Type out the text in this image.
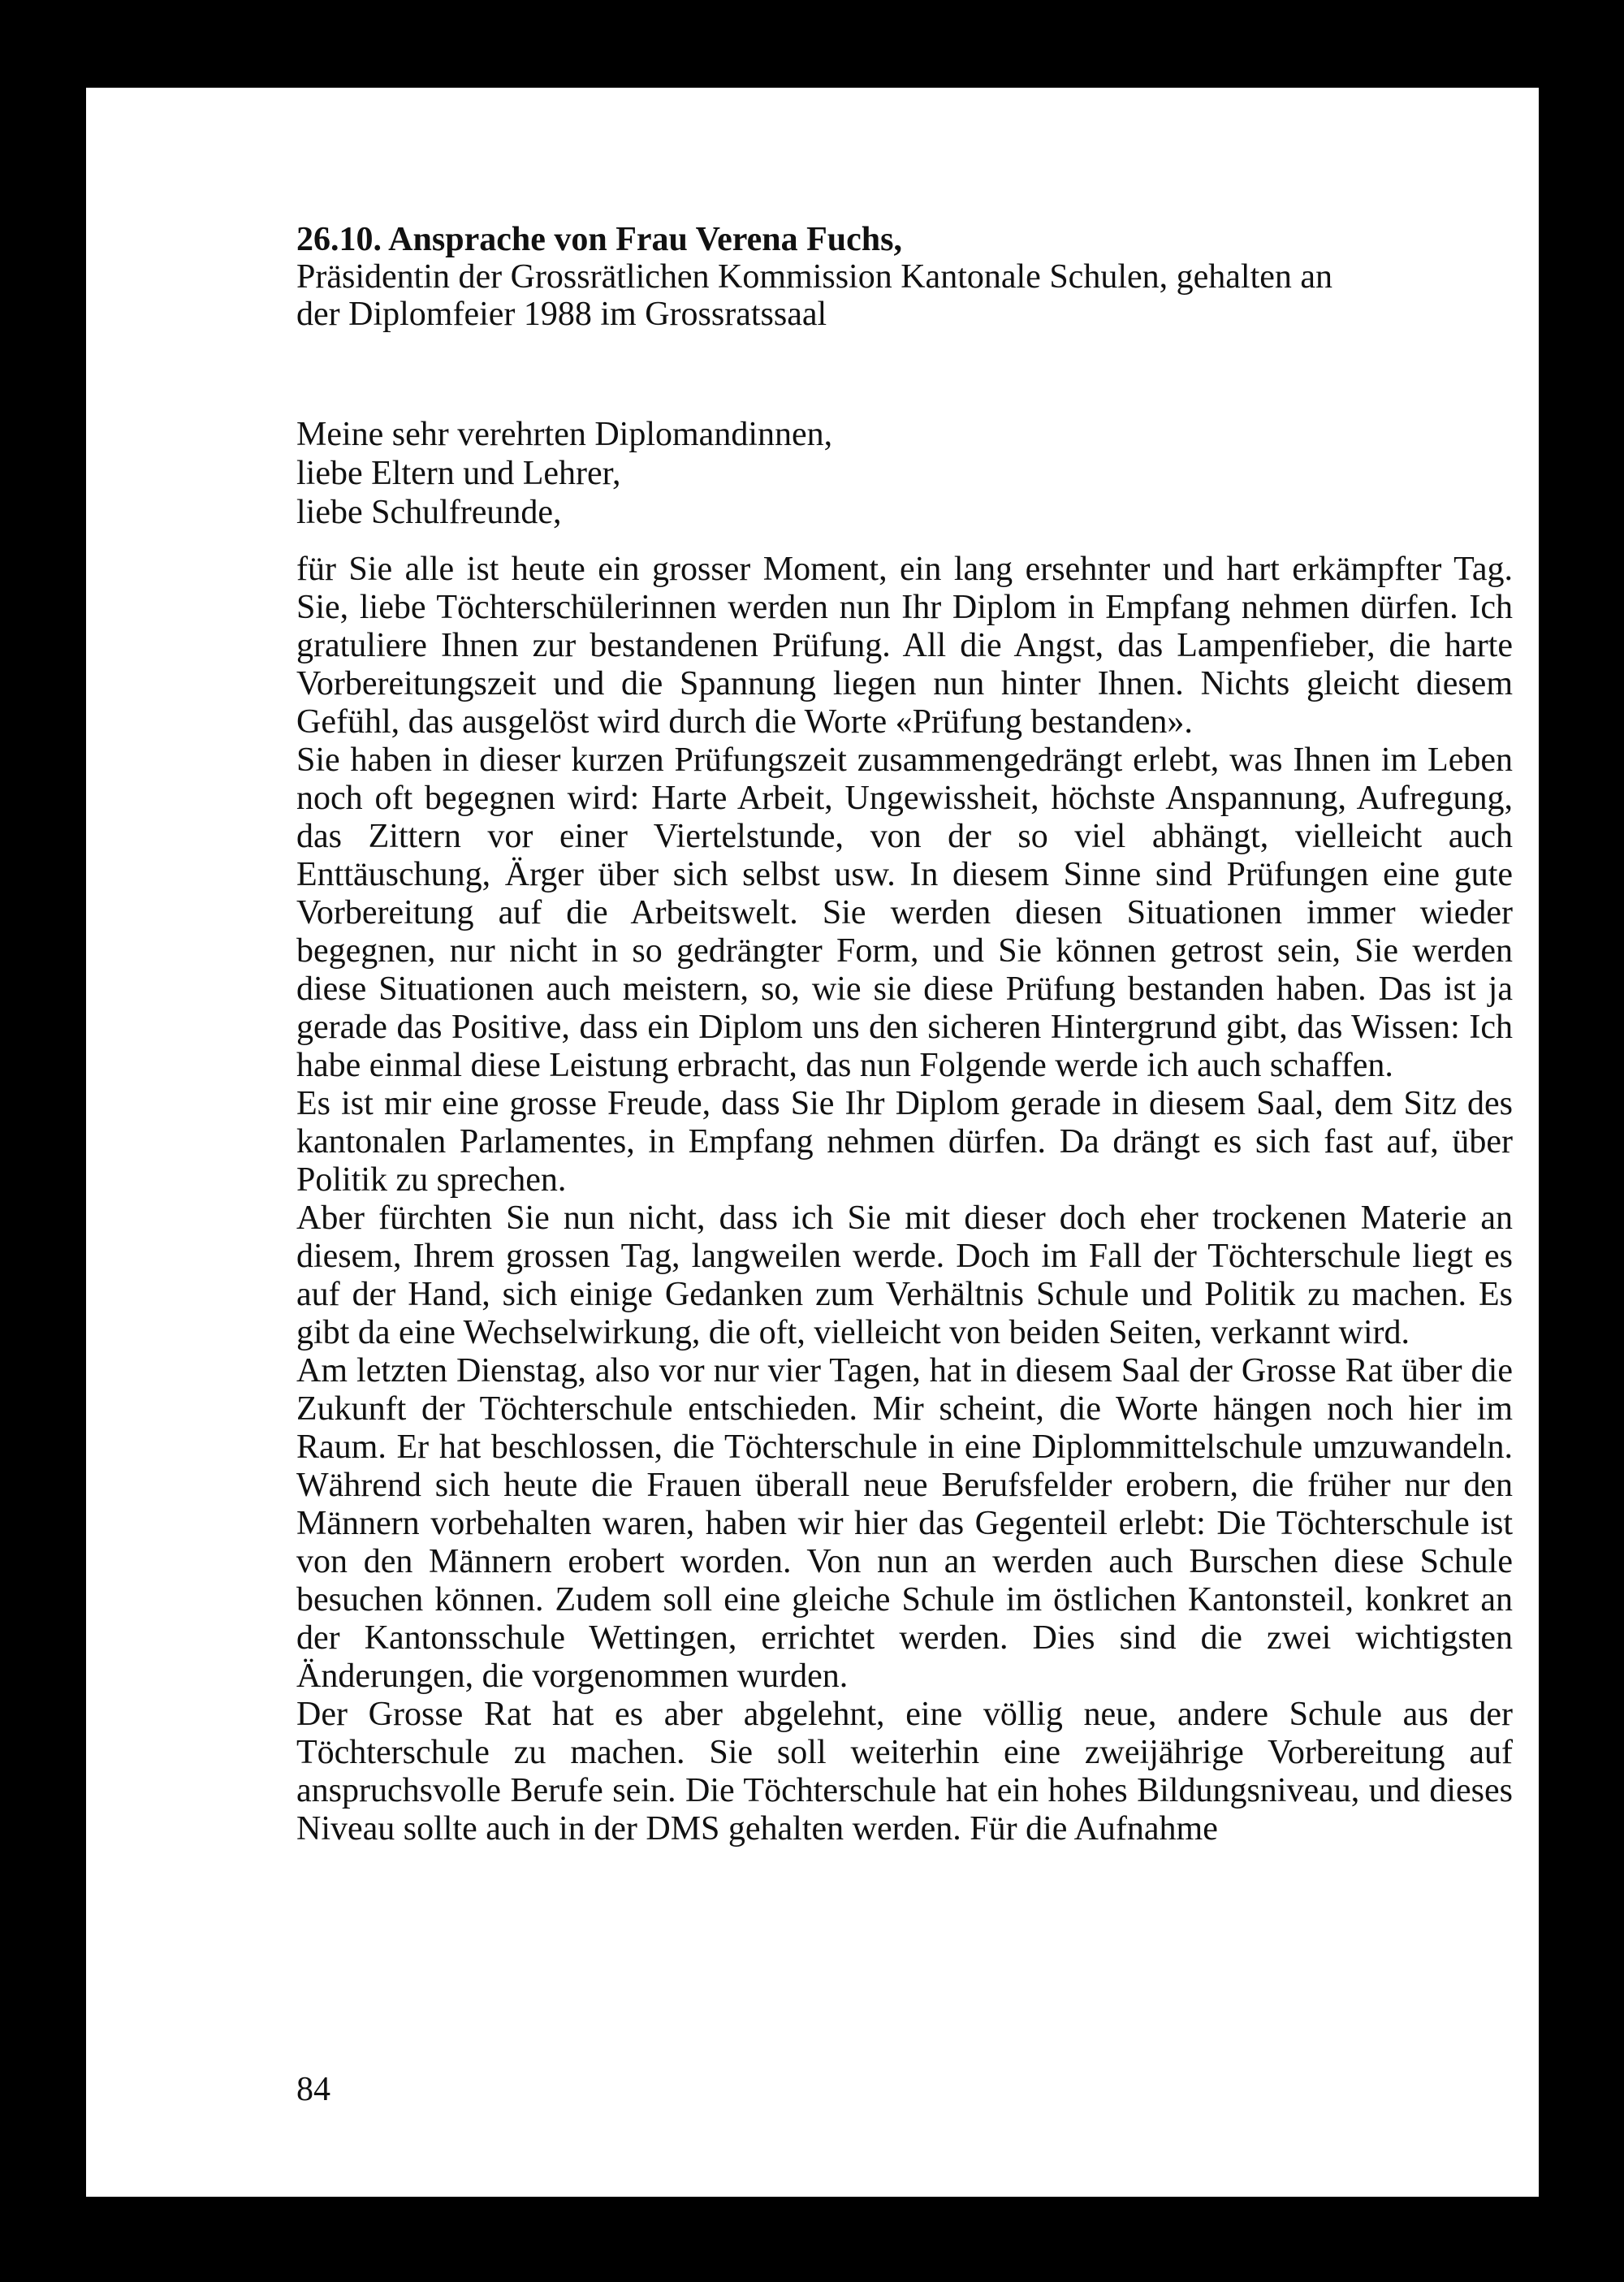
26.10. Ansprache von Frau Verena Fuchs,
Präsidentin der Grossrätlichen Kommission Kantonale Schulen, gehalten an
der Diplomfeier 1988 im Grossratssaal
Meine sehr verehrten Diplomandinnen,
liebe Eltern und Lehrer,
liebe Schulfreunde,

für Sie alle ist heute ein grosser Moment, ein lang ersehnter und hart erkämpfter Tag. Sie, liebe Töchterschülerinnen werden nun Ihr Diplom in Empfang nehmen dürfen. Ich gratuliere Ihnen zur bestandenen Prüfung. All die Angst, das Lampenfieber, die harte Vorbereitungszeit und die Spannung liegen nun hinter Ihnen. Nichts gleicht diesem Gefühl, das ausgelöst wird durch die Worte «Prüfung bestanden».

Sie haben in dieser kurzen Prüfungszeit zusammengedrängt erlebt, was Ihnen im Leben noch oft begegnen wird: Harte Arbeit, Ungewissheit, höchste Anspannung, Aufregung, das Zittern vor einer Viertelstunde, von der so viel abhängt, vielleicht auch Enttäuschung, Ärger über sich selbst usw. In diesem Sinne sind Prüfungen eine gute Vorbereitung auf die Arbeitswelt. Sie werden diesen Situationen immer wieder begegnen, nur nicht in so gedrängter Form, und Sie können getrost sein, Sie werden diese Situationen auch meistern, so, wie sie diese Prüfung bestanden haben. Das ist ja gerade das Positive, dass ein Diplom uns den sicheren Hintergrund gibt, das Wissen: Ich habe einmal diese Leistung erbracht, das nun Folgende werde ich auch schaffen.

Es ist mir eine grosse Freude, dass Sie Ihr Diplom gerade in diesem Saal, dem Sitz des kantonalen Parlamentes, in Empfang nehmen dürfen. Da drängt es sich fast auf, über Politik zu sprechen.

Aber fürchten Sie nun nicht, dass ich Sie mit dieser doch eher trockenen Materie an diesem, Ihrem grossen Tag, langweilen werde. Doch im Fall der Töchterschule liegt es auf der Hand, sich einige Gedanken zum Verhältnis Schule und Politik zu machen. Es gibt da eine Wechselwirkung, die oft, vielleicht von beiden Seiten, verkannt wird.

Am letzten Dienstag, also vor nur vier Tagen, hat in diesem Saal der Grosse Rat über die Zukunft der Töchterschule entschieden. Mir scheint, die Worte hängen noch hier im Raum. Er hat beschlossen, die Töchterschule in eine Diplommittelschule umzuwandeln. Während sich heute die Frauen überall neue Berufsfelder erobern, die früher nur den Männern vorbehalten waren, haben wir hier das Gegenteil erlebt: Die Töchterschule ist von den Männern erobert worden. Von nun an werden auch Burschen diese Schule besuchen können. Zudem soll eine gleiche Schule im östlichen Kantonsteil, konkret an der Kantonsschule Wettingen, errichtet werden. Dies sind die zwei wichtigsten Änderungen, die vorgenommen wurden.

Der Grosse Rat hat es aber abgelehnt, eine völlig neue, andere Schule aus der Töchterschule zu machen. Sie soll weiterhin eine zweijährige Vorbereitung auf anspruchsvolle Berufe sein. Die Töchterschule hat ein hohes Bildungsniveau, und dieses Niveau sollte auch in der DMS gehalten werden. Für die Aufnahme

84
